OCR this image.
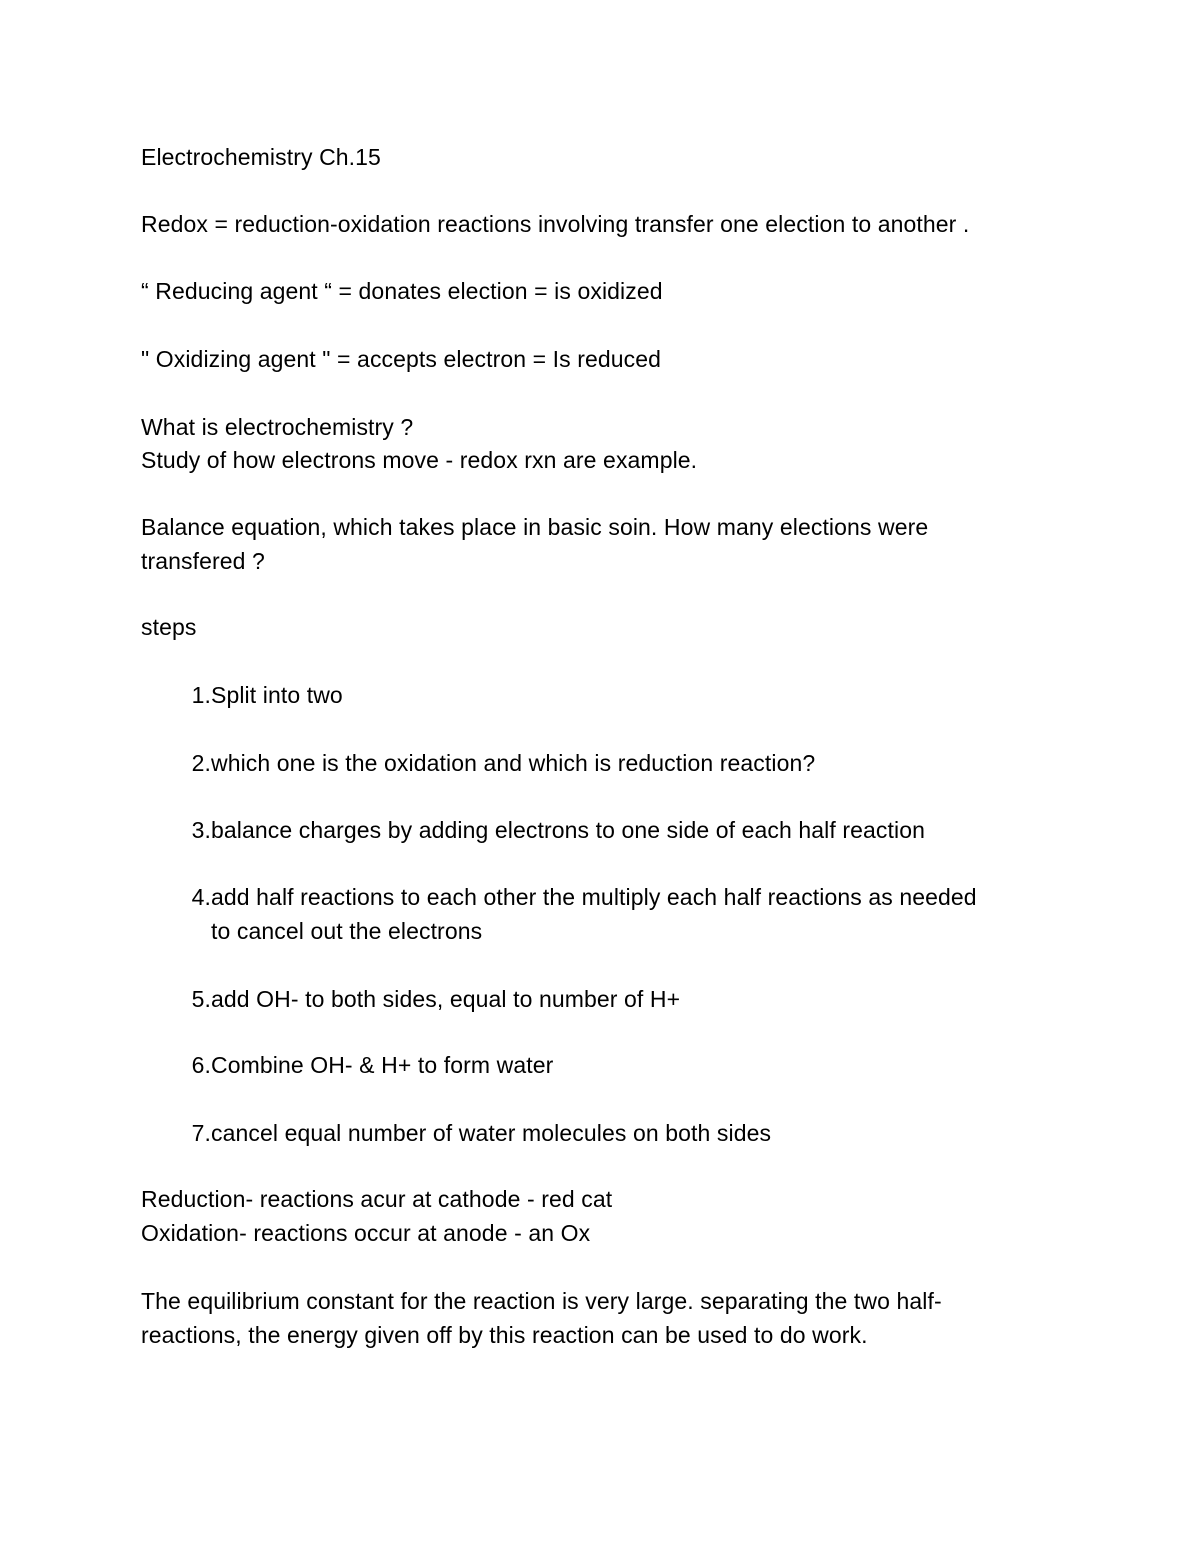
Electrochemistry Ch.15
Redox = reduction-oxidation reactions involving transfer one election to another .
“ Reducing agent “ = donates election = is oxidized
" Oxidizing agent " = accepts electron = Is reduced
What is electrochemistry ?
Study of how electrons move - redox rxn are example.
Balance equation, which takes place in basic soin. How many elections were
transfered ?
steps
1. Split into two
2. which one is the oxidation and which is reduction reaction?
3. balance charges by adding electrons to one side of each half reaction
4. add half reactions to each other the multiply each half reactions as needed
to cancel out the electrons
5. add OH- to both sides, equal to number of H+
6. Combine OH- & H+ to form water
7. cancel equal number of water molecules on both sides
Reduction- reactions acur at cathode - red cat
Oxidation- reactions occur at anode - an Ox
The equilibrium constant for the reaction is very large. separating the two half-
reactions, the energy given off by this reaction can be used to do work.
